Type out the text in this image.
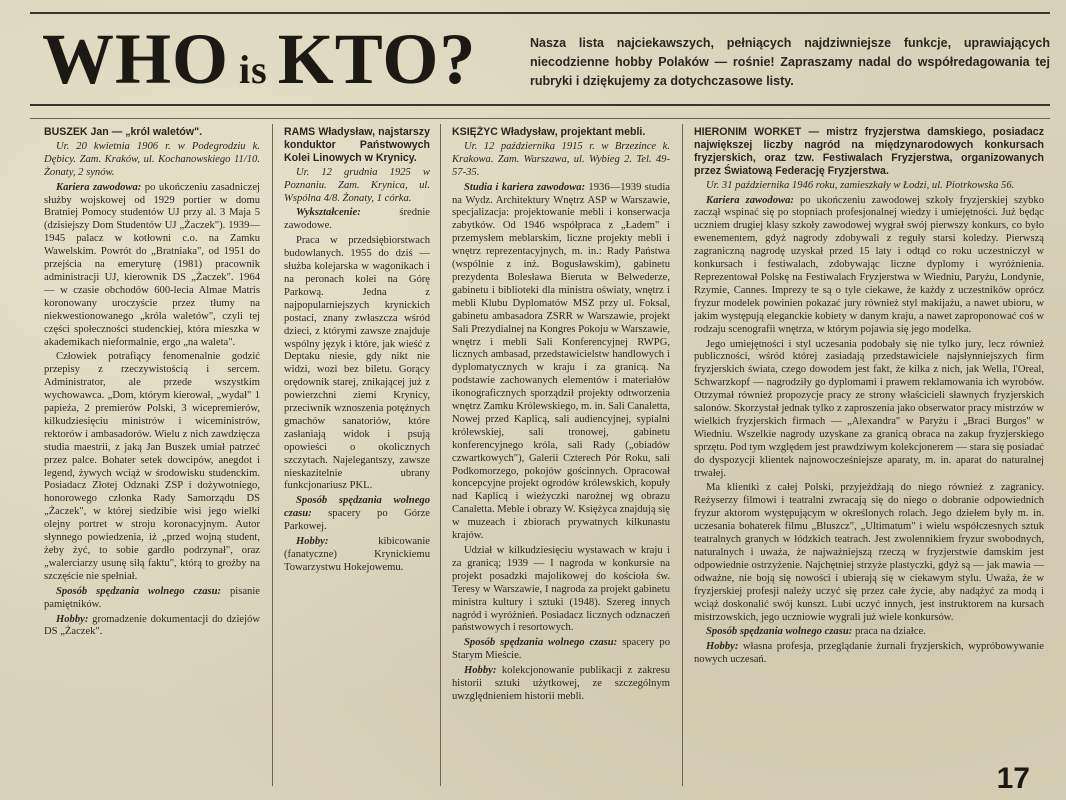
WHO is KTO?	Nasza lista najciekawszych, pełniących najdziwniejsze funkcje, uprawiających niecodzienne hobby Polaków — rośnie! Zapraszamy nadal do współredagowania tej rubryki i dziękujemy za dotychczasowe listy.

BUSZEK Jan — „król waletów".

Ur. 20 kwietnia 1906 r. w Podegrodziu k. Dębicy. Zam. Kraków, ul. Kochanowskiego 11/10. Żonaty, 2 synów.

Kariera zawodowa: po ukończeniu zasadniczej służby wojskowej od 1929 portier w domu Bratniej Pomocy studentów UJ przy al. 3 Maja 5 (dzisiejszy Dom Studentów UJ „Żaczek"). 1939—1945 palacz w kotłowni c.o. na Zamku Wawelskim. Powrót do „Bratniaka", od 1951 do przejścia na emeryturę (1981) pracownik administracji UJ, kierownik DS „Żaczek". 1964 — w czasie obchodów 600-lecia Almae Matris koronowany uroczyście przez tłumy na niekwestionowanego „króla waletów", czyli tej części społeczności studenckiej, która mieszka w akademikach nieformalnie, ergo „na waleta".

Człowiek potrafiący fenomenalnie godzić przepisy z rzeczywistością i sercem. Administrator, ale przede wszystkim wychowawca. „Dom, którym kierował, „wydał" 1 papieża, 2 premierów Polski, 3 wicepremierów, kilkudziesięciu ministrów i wiceministrów, rektorów i ambasadorów. Wielu z nich zawdzięcza studia maestrii, z jaką Jan Buszek umiał patrzeć przez palce. Bohater setek dowcipów, anegdot i legend, żywych wciąż w środowisku studenckim. Posiadacz Złotej Odznaki ZSP i dożywotniego, honorowego członka Rady Samorządu DS „Żaczek", w której siedzibie wisi jego wielki olejny portret w stroju koronacyjnym. Autor słynnego powiedzenia, iż „przed wojną student, żeby żyć, to sobie gardło podrzynał", oraz „walerciarzy usunę siłą faktu", którą to groźby na szczęście nie spełniał.

Sposób spędzania wolnego czasu: pisanie pamiętników.

Hobby: gromadzenie dokumentacji do dziejów DS „Żaczek".

RAMS Władysław, najstarszy konduktor Państwowych Kolei Linowych w Krynicy.

Ur. 12 grudnia 1925 w Poznaniu. Zam. Krynica, ul. Wspólna 4/8. Żonaty, 1 córka.

Wykształcenie:	średnie zawodowe.

Praca w przedsiębiorstwach budowlanych. 1955 do dziś — służba kolejarska w wagonikach i na peronach kolei na Górę Parkową. Jedna z najpopularniejszych krynickich postaci, znany zwłaszcza wśród dzieci, z którymi zawsze znajduje wspólny język i które, jak wieść z Deptaku niesie, gdy nikt nie widzi, wozi bez biletu. Gorący orędownik starej, znikającej już z powierzchni ziemi Krynicy, przeciwnik wznoszenia potężnych gmachów sanatoriów, które zasłaniają widok i psują opowieści o okolicznych szczytach. Najelegantszy, zawsze nieskazitelnie ubrany funkcjonariusz PKL.

Sposób spędzania wolnego czasu: spacery po Górze Parkowej.

Hobby:	kibicowanie (fanatyczne) Krynickiemu Towarzystwu Hokejowemu.

KSIĘŻYC Władysław, projektant mebli.

Ur. 12 października 1915 r. w Brzezince k. Krakowa. Zam. Warszawa, ul. Wybieg 2. Tel. 49-57-35.

Studia i kariera zawodowa: 1936—1939 studia na Wydz. Architektury Wnętrz ASP w Warszawie, specjalizacja: projektowanie mebli i konserwacja zabytków. Od 1946 współpraca z „Ładem" i przemysłem meblarskim, liczne projekty mebli i wnętrz reprezentacyjnych, m. in.: Rady Państwa (wspólnie z inż. Bogusławskim), gabinetu prezydenta Bolesława Bieruta w Belwederze, gabinetu i biblioteki dla ministra oświaty, wnętrz i mebli Klubu Dyplomatów MSZ przy ul. Foksal, gabinetu ambasadora ZSRR w Warszawie, projekt Sali Prezydialnej na Kongres Pokoju w Warszawie, wnętrz i mebli Sali Konferencyjnej RWPG, licznych ambasad, przedstawicielstw handlowych i dyplomatycznych w kraju i za granicą. Na podstawie zachowanych elementów i materiałów ikonograficznych sporządził projekty odtworzenia wnętrz Zamku Królewskiego, m. in. Sali Canaletta, Nowej przed Kaplicą, sali audiencyjnej, sypialni królewskiej, sali tronowej, gabinetu konferencyjnego króla, sali Rady („obiadów czwartkowych"), Galerii Czterech Pór Roku, sali Podkomorzego, pokojów gościnnych. Opracował koncepcyjne projekt ogrodów królewskich, kopuły nad Kaplicą i wieżyczki narożnej wg obrazu Canaletta. Meble i obrazy W. Księżyca znajdują się w muzeach i zbiorach prywatnych kilkunastu krajów.

Udział w kilkudziesięciu wystawach w kraju i za granicą; 1939 — I nagroda w konkursie na projekt posadzki majolikowej do kościoła św. Teresy w Warszawie, I nagroda za projekt gabinetu ministra kultury i sztuki (1948). Szereg innych nagród i wyróżnień. Posiadacz licznych odznaczeń państwowych i resortowych.

Sposób spędzania wolnego czasu: spacery po Starym Mieście.

Hobby: kolekcjonowanie publikacji z zakresu historii sztuki użytkowej, ze szczególnym uwzględnieniem historii mebli.

HIERONIM WORKET — mistrz fryzjerstwa damskiego, posiadacz największej liczby nagród na międzynarodowych konkursach fryzjerskich, oraz tzw. Festiwalach Fryzjerstwa, organizowanych przez Światową Federację Fryzjerstwa.

Ur. 31 października 1946 roku, zamieszkały w Łodzi, ul. Piotrkowska 56.

Kariera zawodowa: po ukończeniu zawodowej szkoły fryzjerskiej szybko zaczął wspinać się po stopniach profesjonalnej wiedzy i umiejętności. Już będąc uczniem drugiej klasy szkoły zawodowej wygrał swój pierwszy konkurs, co było ewenementem, gdyż nagrody zdobywali z reguły starsi koledzy. Pierwszą zagraniczną nagrodę uzyskał przed 15 laty i odtąd co roku uczestniczył w konkursach i festiwalach, zdobywając liczne dyplomy i wyróżnienia. Reprezentował Polskę na Festiwalach Fryzjerstwa w Wiedniu, Paryżu, Londynie, Rzymie, Cannes. Imprezy te są o tyle ciekawe, że każdy z uczestników oprócz fryzur modelek powinien pokazać jury również styl makijażu, a nawet ubioru, w jakim występują eleganckie kobiety w danym kraju, a nawet zaproponować coś w rodzaju scenografii wnętrza, w którym pojawia się jego modelka.

Jego umiejętności i styl uczesania podobały się nie tylko jury, lecz również publiczności, wśród której zasiadają przedstawiciele najsłynniejszych firm fryzjerskich świata, czego dowodem jest fakt, że kilka z nich, jak Wella, l'Oreal, Schwarzkopf — nagrodziły go dyplomami i prawem reklamowania ich wyrobów. Otrzymał również propozycje pracy ze strony właścicieli sławnych fryzjerskich salonów. Skorzystał jednak tylko z zaproszenia jako obserwator pracy mistrzów w wielkich fryzjerskich firmach — „Alexandra" w Paryżu i „Braci Burgos" w Wiedniu. Wszelkie nagrody uzyskane za granicą obraca na zakup fryzjerskiego sprzętu. Pod tym względem jest prawdziwym kolekcjonerem — stara się posiadać do dyspozycji klientek najnowocześniejsze aparaty, m. in. aparat do naturalnej trwałej.

Ma klientki z całej Polski, przyjeżdżają do niego również z zagranicy. Reżyserzy filmowi i teatralni zwracają się do niego o dobranie odpowiednich fryzur aktorom występującym w określonych rolach. Jego dziełem były m. in. uczesania bohaterek filmu „Bluszcz", „Ultimatum" i wielu współczesnych sztuk teatralnych granych w łódzkich teatrach. Jest zwolennikiem fryzur swobodnych, naturalnych i uważa, że najważniejszą rzeczą w fryzjerstwie damskim jest odpowiednie ostrzyżenie. Najchętniej strzyże plastyczki, gdyż są — jak mawia — odważne, nie boją się nowości i ubierają się w ciekawym stylu. Uważa, że w fryzjerskiej profesji należy uczyć się przez całe życie, aby nadążyć za modą i wciąż doskonalić swój kunszt. Lubi uczyć innych, jest instruktorem na kursach mistrzowskich, jego uczniowie wygrali już wiele konkursów.

Sposób spędzania wolnego czasu: praca na działce.

Hobby: własna profesja, przeglądanie żurnali fryzjerskich, wypróbowywanie nowych uczesań.

17
